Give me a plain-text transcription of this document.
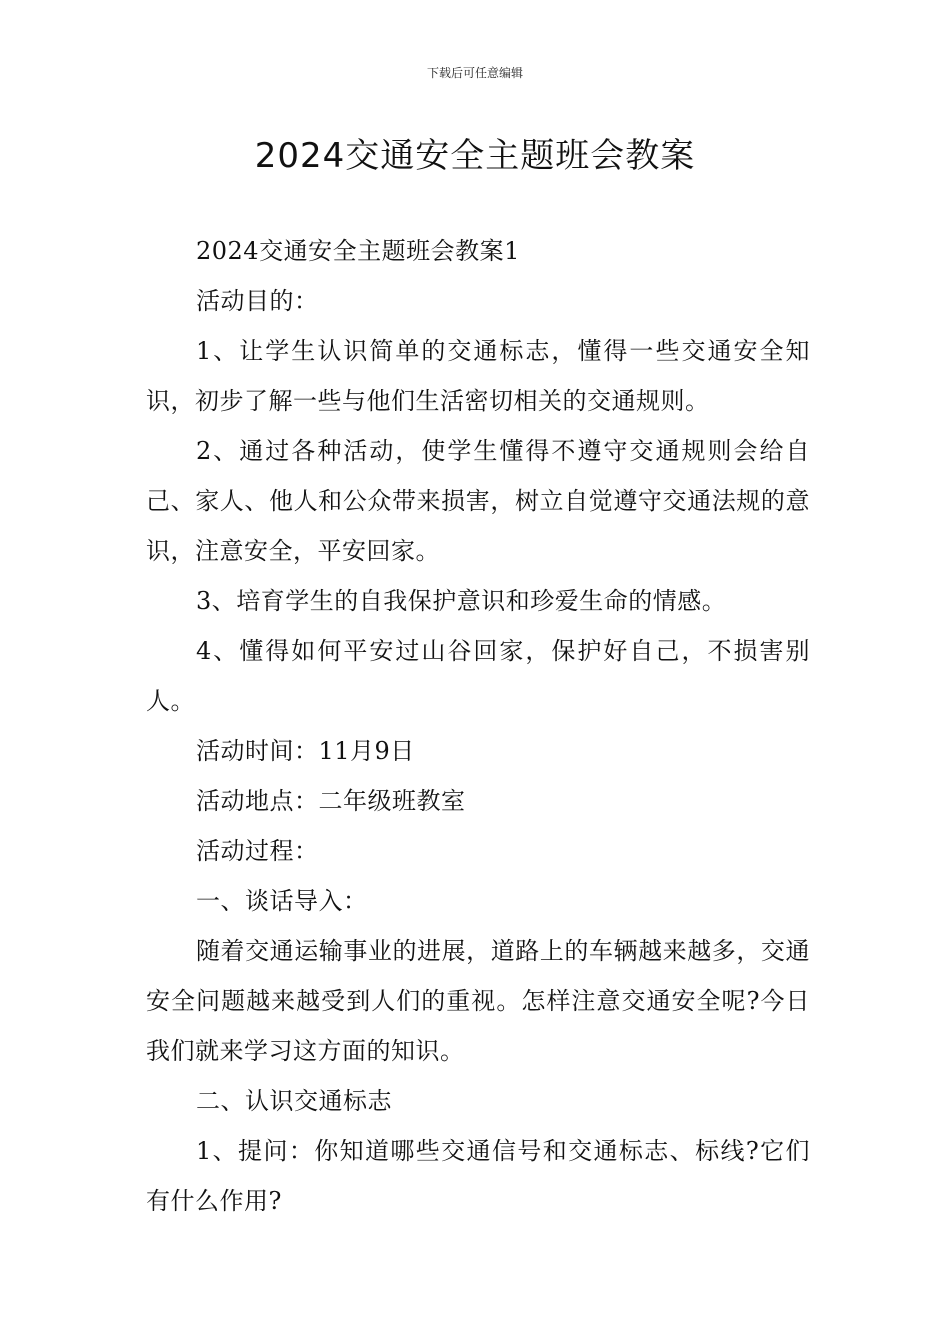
下载后可任意编辑
2024交通安全主题班会教案

2024交通安全主题班会教案1

活动目的：

1、让学生认识简单的交通标志，懂得一些交通安全知识，初步了解一些与他们生活密切相关的交通规则。

2、通过各种活动，使学生懂得不遵守交通规则会给自己、家人、他人和公众带来损害，树立自觉遵守交通法规的意识，注意安全，平安回家。

3、培育学生的自我保护意识和珍爱生命的情感。

4、懂得如何平安过山谷回家，保护好自己，不损害别人。

活动时间：11月9日

活动地点：二年级班教室

活动过程：

一、谈话导入：

随着交通运输事业的进展，道路上的车辆越来越多，交通安全问题越来越受到人们的重视。怎样注意交通安全呢?今日我们就来学习这方面的知识。

二、认识交通标志

1、提问：你知道哪些交通信号和交通标志、标线?它们有什么作用?
